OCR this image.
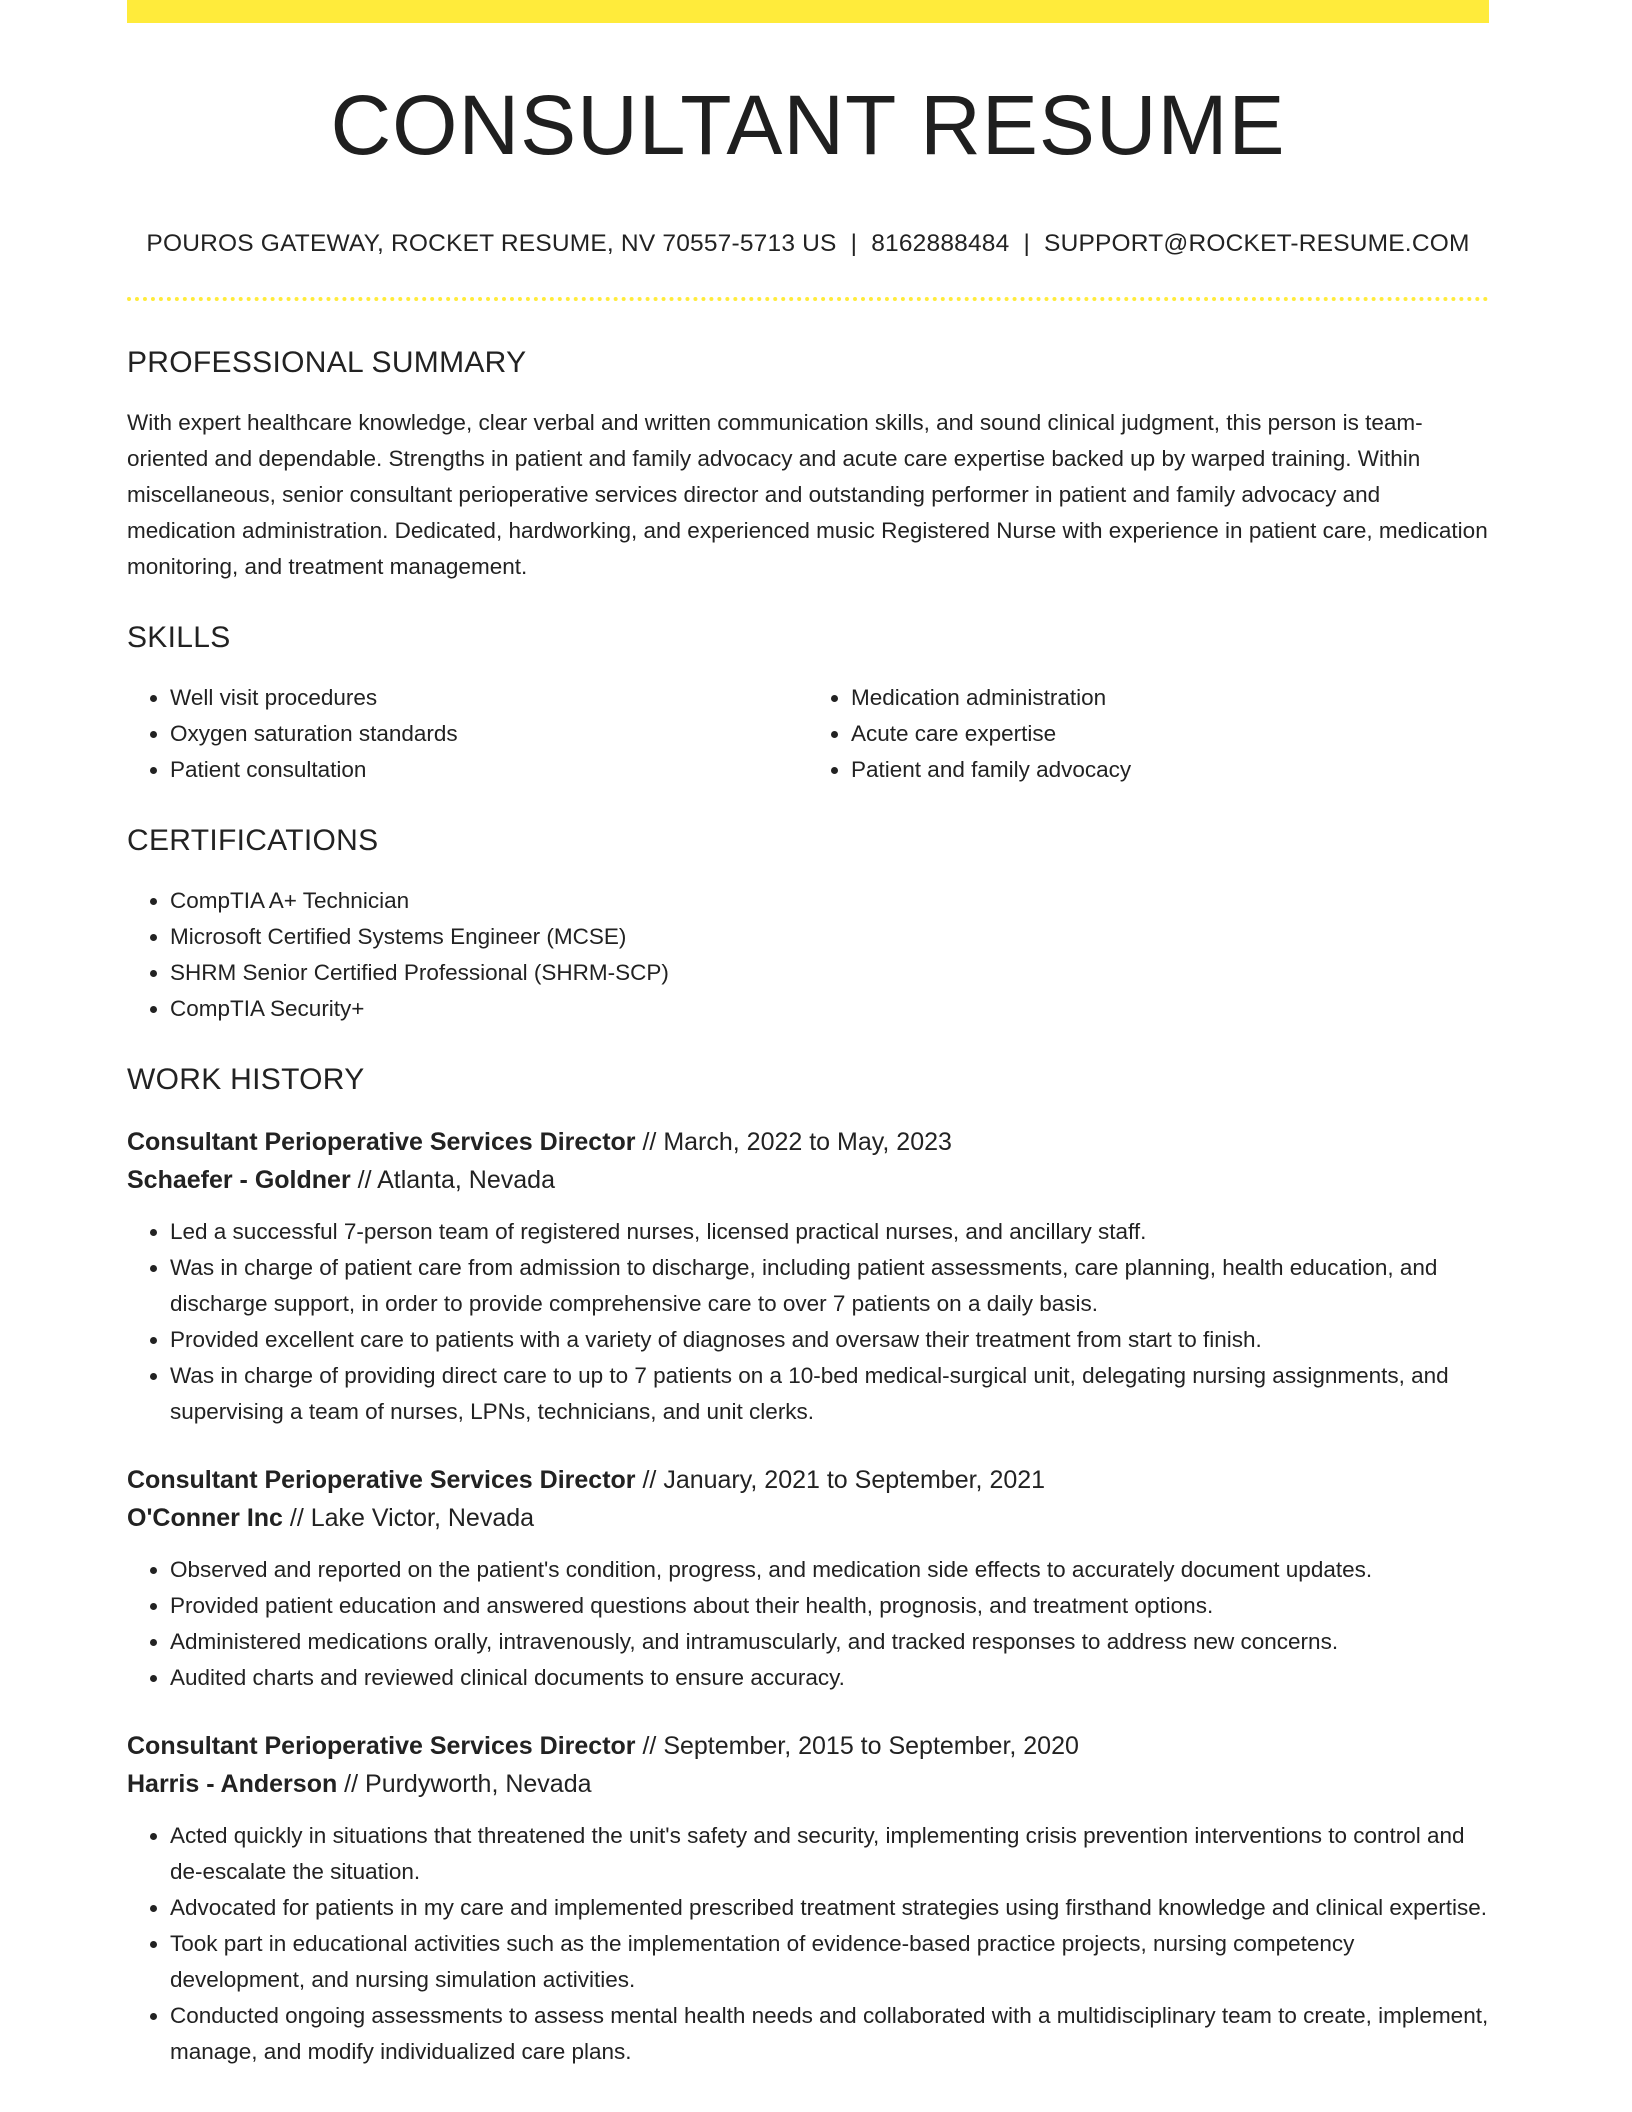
CONSULTANT RESUME
POUROS GATEWAY, ROCKET RESUME, NV 70557-5713 US | 8162888484 | SUPPORT@ROCKET-RESUME.COM
PROFESSIONAL SUMMARY
With expert healthcare knowledge, clear verbal and written communication skills, and sound clinical judgment, this person is team-oriented and dependable. Strengths in patient and family advocacy and acute care expertise backed up by warped training. Within miscellaneous, senior consultant perioperative services director and outstanding performer in patient and family advocacy and medication administration. Dedicated, hardworking, and experienced music Registered Nurse with experience in patient care, medication monitoring, and treatment management.
SKILLS
• Well visit procedures
• Oxygen saturation standards
• Patient consultation
• Medication administration
• Acute care expertise
• Patient and family advocacy
CERTIFICATIONS
• CompTIA A+ Technician
• Microsoft Certified Systems Engineer (MCSE)
• SHRM Senior Certified Professional (SHRM-SCP)
• CompTIA Security+
WORK HISTORY
Consultant Perioperative Services Director // March, 2022 to May, 2023
Schaefer - Goldner // Atlanta, Nevada
• Led a successful 7-person team of registered nurses, licensed practical nurses, and ancillary staff.
• Was in charge of patient care from admission to discharge, including patient assessments, care planning, health education, and discharge support, in order to provide comprehensive care to over 7 patients on a daily basis.
• Provided excellent care to patients with a variety of diagnoses and oversaw their treatment from start to finish.
• Was in charge of providing direct care to up to 7 patients on a 10-bed medical-surgical unit, delegating nursing assignments, and supervising a team of nurses, LPNs, technicians, and unit clerks.
Consultant Perioperative Services Director // January, 2021 to September, 2021
O'Conner Inc // Lake Victor, Nevada
• Observed and reported on the patient's condition, progress, and medication side effects to accurately document updates.
• Provided patient education and answered questions about their health, prognosis, and treatment options.
• Administered medications orally, intravenously, and intramuscularly, and tracked responses to address new concerns.
• Audited charts and reviewed clinical documents to ensure accuracy.
Consultant Perioperative Services Director // September, 2015 to September, 2020
Harris - Anderson // Purdyworth, Nevada
• Acted quickly in situations that threatened the unit's safety and security, implementing crisis prevention interventions to control and de-escalate the situation.
• Advocated for patients in my care and implemented prescribed treatment strategies using firsthand knowledge and clinical expertise.
• Took part in educational activities such as the implementation of evidence-based practice projects, nursing competency development, and nursing simulation activities.
• Conducted ongoing assessments to assess mental health needs and collaborated with a multidisciplinary team to create, implement, manage, and modify individualized care plans.
